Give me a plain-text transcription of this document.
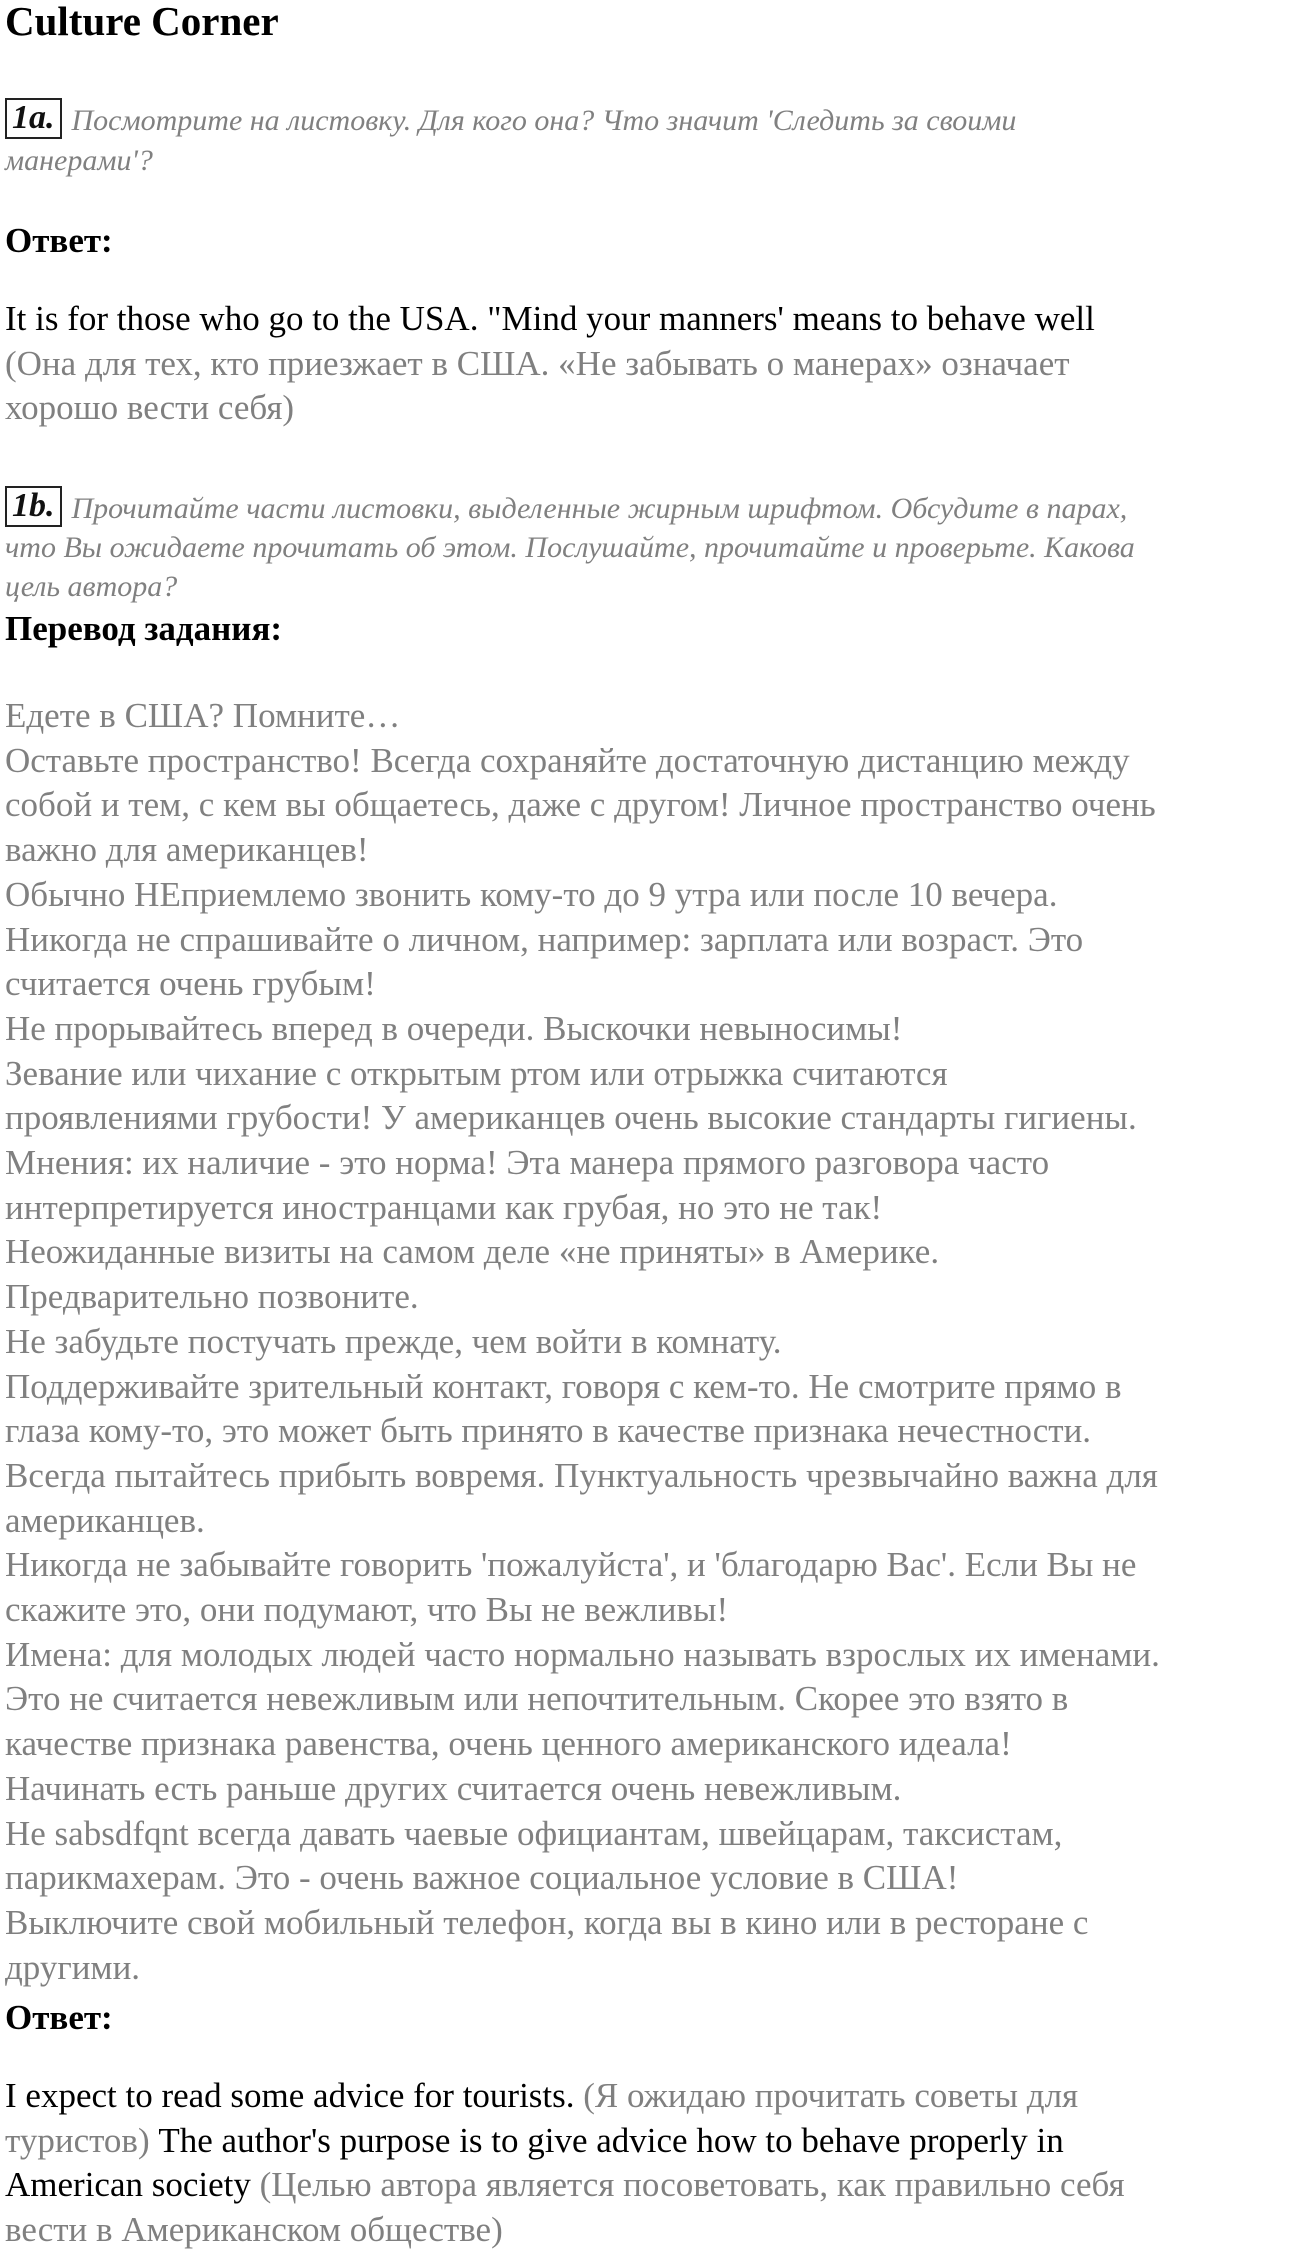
Culture Corner
1a. Посмотрите на листовку. Для кого она? Что значит 'Следить за своими
манерами'?
Ответ:
It is for those who go to the USA. "Mind your manners' means to behave well
(Она для тех, кто приезжает в США. «Не забывать о манерах» означает
хорошо вести себя)
1b. Прочитайте части листовки, выделенные жирным шрифтом. Обсудите в парах,
что Вы ожидаете прочитать об этом. Послушайте, прочитайте и проверьте. Какова
цель автора?
Перевод задания:
Едете в США? Помните…
Оставьте пространство! Всегда сохраняйте достаточную дистанцию между
собой и тем, с кем вы общаетесь, даже с другом! Личное пространство очень
важно для американцев!
Обычно НЕприемлемо звонить кому-то до 9 утра или после 10 вечера.
Никогда не спрашивайте о личном, например: зарплата или возраст. Это
считается очень грубым!
Не прорывайтесь вперед в очереди. Выскочки невыносимы!
Зевание или чихание с открытым ртом или отрыжка считаются
проявлениями грубости! У американцев очень высокие стандарты гигиены.
Мнения: их наличие - это норма! Эта манера прямого разговора часто
интерпретируется иностранцами как грубая, но это не так!
Неожиданные визиты на самом деле «не приняты» в Америке.
Предварительно позвоните.
Не забудьте постучать прежде, чем войти в комнату.
Поддерживайте зрительный контакт, говоря с кем-то. Не смотрите прямо в
глаза кому-то, это может быть принято в качестве признака нечестности.
Всегда пытайтесь прибыть вовремя. Пунктуальность чрезвычайно важна для
американцев.
Никогда не забывайте говорить 'пожалуйста', и 'благодарю Вас'. Если Вы не
скажите это, они подумают, что Вы не вежливы!
Имена: для молодых людей часто нормально называть взрослых их именами.
Это не считается невежливым или непочтительным. Скорее это взято в
качестве признака равенства, очень ценного американского идеала!
Начинать есть раньше других считается очень невежливым.
Не sabsdfqnt всегда давать чаевые официантам, швейцарам, таксистам,
парикмахерам. Это - очень важное социальное условие в США!
Выключите свой мобильный телефон, когда вы в кино или в ресторане с
другими.
Ответ:
I expect to read some advice for tourists. (Я ожидаю прочитать советы для
туристов) The author's purpose is to give advice how to behave properly in
American society (Целью автора является посоветовать, как правильно себя
вести в Американском обществе)
